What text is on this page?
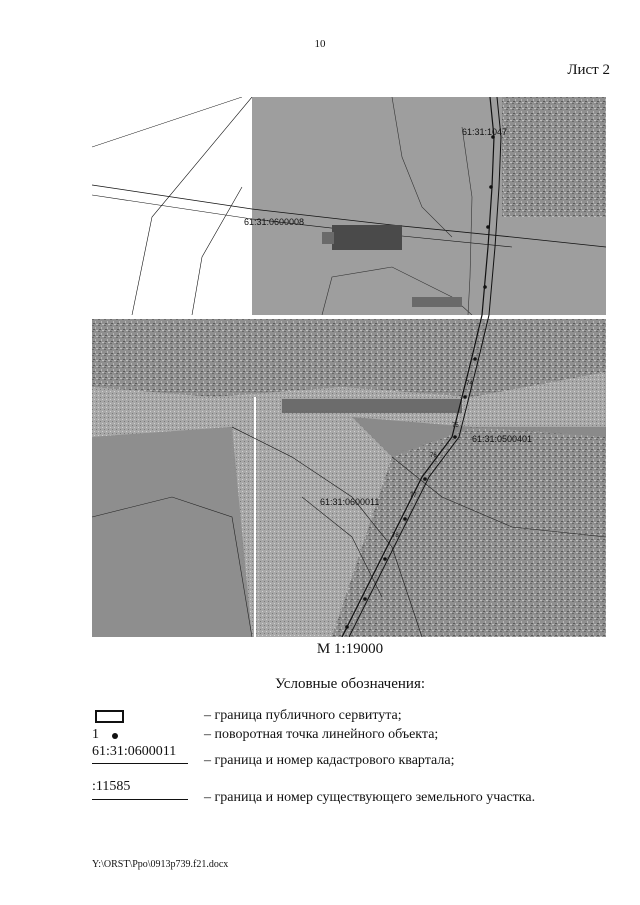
10
Лист 2
61:31:0600008
61:31:0600011
61:31:0500401
61:31:1047
74
75
76
77
78
М 1:19000
Условные обозначения:
– граница публичного сервитута;
1	– поворотная точка линейного объекта;
61:31:0600011
– граница и номер кадастрового квартала;
:11585
– граница и номер существующего земельного участка.
Y:\ORST\Ppo\0913p739.f21.docx
